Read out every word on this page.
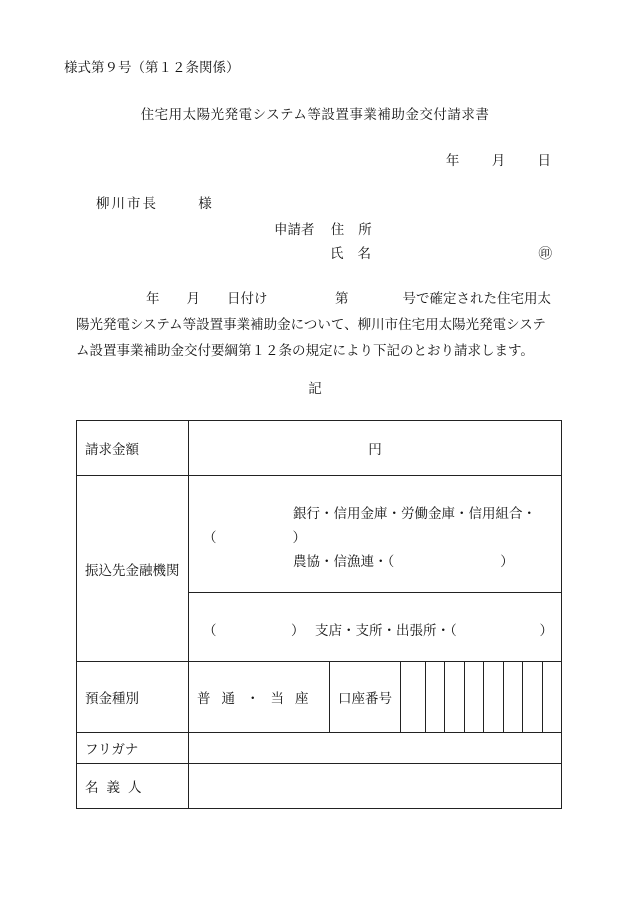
様式第９号（第１２条関係）
住宅用太陽光発電システム等設置事業補助金交付請求書
年 月 日
柳川市長	様
申請者 住所
氏名	㊞
年　　月　　日付け　　　　　第　　　　号で確定された住宅用太
陽光発電システム等設置事業補助金について、柳川市住宅用太陽光発電システ
ム設置事業補助金交付要綱第１２条の規定により下記のとおり請求します。
記
請求金額	円
振込先金融機関	銀行・信用金庫・労働金庫・信用組合・
（ ）
農協・信漁連・（ ）

	（ ） 支店・支所・出張所・（ ）

預金種別	普通・当座 口座番号

フリガナ	
名義人	
